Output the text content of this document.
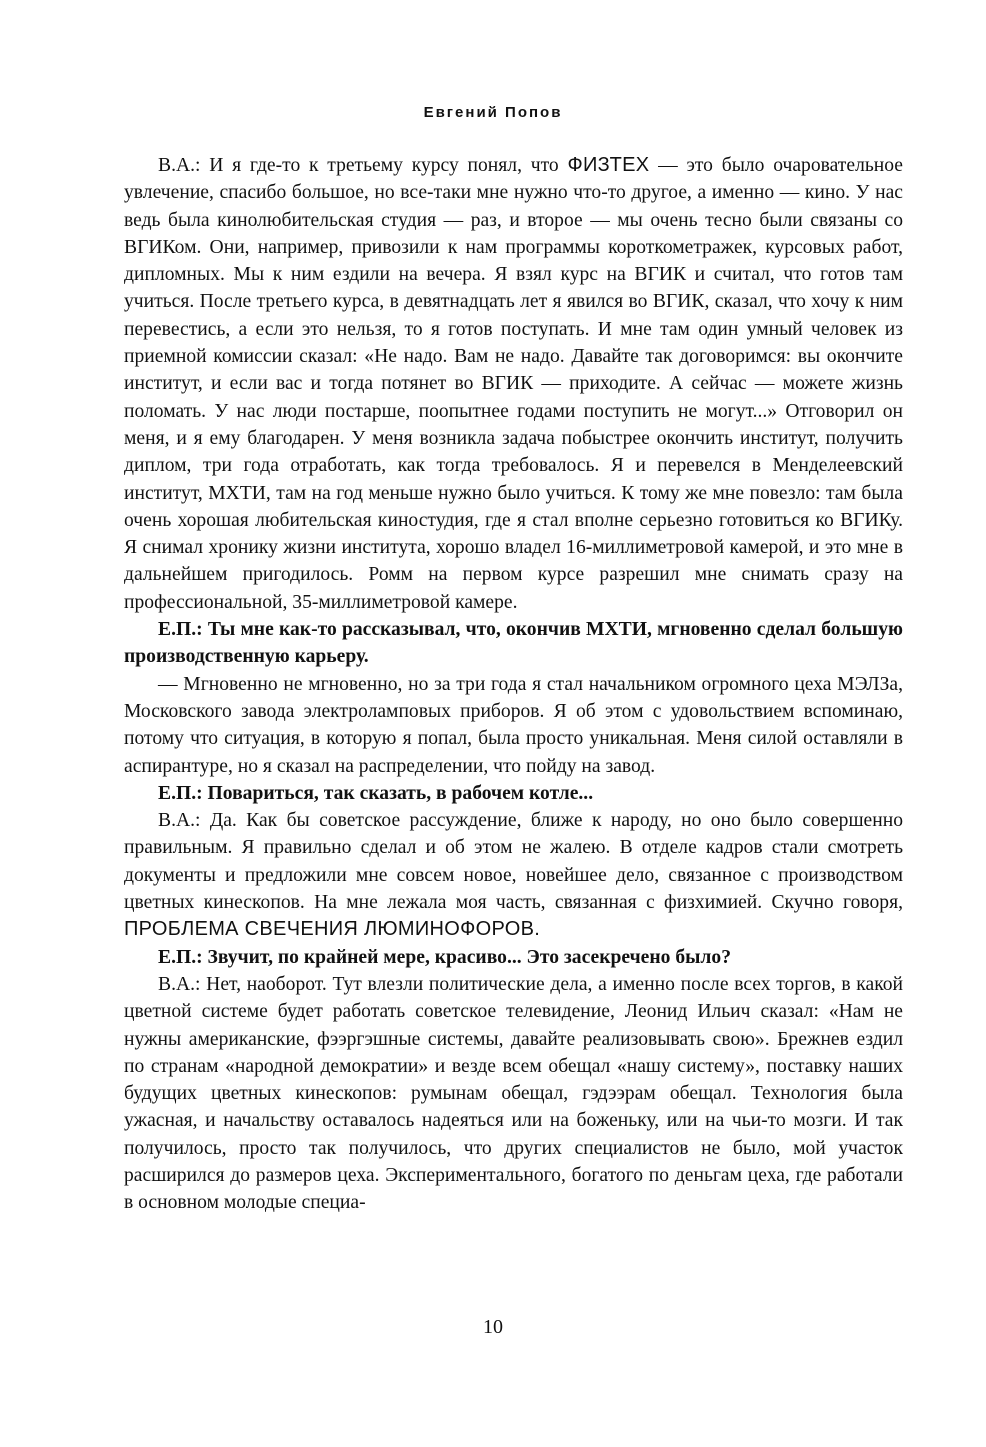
Евгений Попов

В.А.: И я где-то к третьему курсу понял, что ФИЗТЕХ — это было очаровательное увлечение, спасибо большое, но все-таки мне нужно что-то другое, а именно — кино. У нас ведь была кинолюбительская студия — раз, и второе — мы очень тесно были связаны со ВГИКом. Они, например, привозили к нам программы короткометражек, курсовых работ, дипломных. Мы к ним ездили на вечера. Я взял курс на ВГИК и считал, что готов там учиться. После третьего курса, в девятнадцать лет я явился во ВГИК, сказал, что хочу к ним перевестись, а если это нельзя, то я готов поступать. И мне там один умный человек из приемной комиссии сказал: «Не надо. Вам не надо. Давайте так договоримся: вы окончите институт, и если вас и тогда потянет во ВГИК — приходите. А сейчас — можете жизнь поломать. У нас люди постарше, поопытнее годами поступить не могут...» Отговорил он меня, и я ему благодарен. У меня возникла задача побыстрее окончить институт, получить диплом, три года отработать, как тогда требовалось. Я и перевелся в Менделеевский институт, МХТИ, там на год меньше нужно было учиться. К тому же мне повезло: там была очень хорошая любительская киностудия, где я стал вполне серьезно готовиться ко ВГИКу. Я снимал хронику жизни института, хорошо владел 16-миллиметровой камерой, и это мне в дальнейшем пригодилось. Ромм на первом курсе разрешил мне снимать сразу на профессиональной, 35-миллиметровой камере.

Е.П.: Ты мне как-то рассказывал, что, окончив МХТИ, мгновенно сделал большую производственную карьеру.

— Мгновенно не мгновенно, но за три года я стал начальником огромного цеха МЭЛЗа, Московского завода электроламповых приборов. Я об этом с удовольствием вспоминаю, потому что ситуация, в которую я попал, была просто уникальная. Меня силой оставляли в аспирантуре, но я сказал на распределении, что пойду на завод.

Е.П.: Повариться, так сказать, в рабочем котле...

В.А.: Да. Как бы советское рассуждение, ближе к народу, но оно было совершенно правильным. Я правильно сделал и об этом не жалею. В отделе кадров стали смотреть документы и предложили мне совсем новое, новейшее дело, связанное с производством цветных кинескопов. На мне лежала моя часть, связанная с физхимией. Скучно говоря, ПРОБЛЕМА СВЕЧЕНИЯ ЛЮМИНОФОРОВ.

Е.П.: Звучит, по крайней мере, красиво... Это засекречено было?

В.А.: Нет, наоборот. Тут влезли политические дела, а именно после всех торгов, в какой цветной системе будет работать советское телевидение, Леонид Ильич сказал: «Нам не нужны американские, фээргэшные системы, давайте реализовывать свою». Брежнев ездил по странам «народной демократии» и везде всем обещал «нашу систему», поставку наших будущих цветных кинескопов: румынам обещал, гэдээрам обещал. Технология была ужасная, и начальству оставалось надеяться или на боженьку, или на чьи-то мозги. И так получилось, просто так получилось, что других специалистов не было, мой участок расширился до размеров цеха. Экспериментального, богатого по деньгам цеха, где работали в основном молодые специа-

10
